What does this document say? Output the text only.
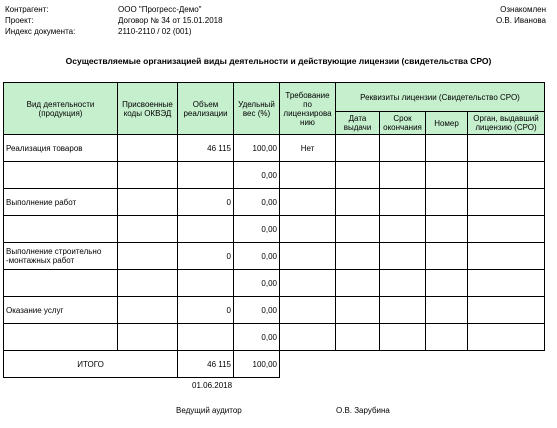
Контрагент:
Проект:
Индекс документа:
ООО "Прогресс-Демо"
Договор № 34 от 15.01.2018
2110-2110 / 02 (001)
Ознакомлен
О.В. Иванова
Осуществляемые организацией виды деятельности и действующие лицензии (свидетельства СРО)
Вид деятельности (продукция)	Присвоенные коды ОКВЭД	Объем реализации	Удельный вес (%)	Требование по лицензирова нию	Реквизиты лицензии (Свидетельство СРО)			
					Дата выдачи	Срок окончания	Номер	Орган, выдавший лицензию (СРО)
Реализация товаров		46 115	100,00	Нет				
			0,00					
Выполнение работ		0	0,00					
			0,00					
Выполнение строительно -монтажных работ		0	0,00					
			0,00					
Оказание услуг		0	0,00					
			0,00					
ИТОГО		46 115	100,00					
01.06.2018
Ведущий аудитор	О.В. Зарубина
